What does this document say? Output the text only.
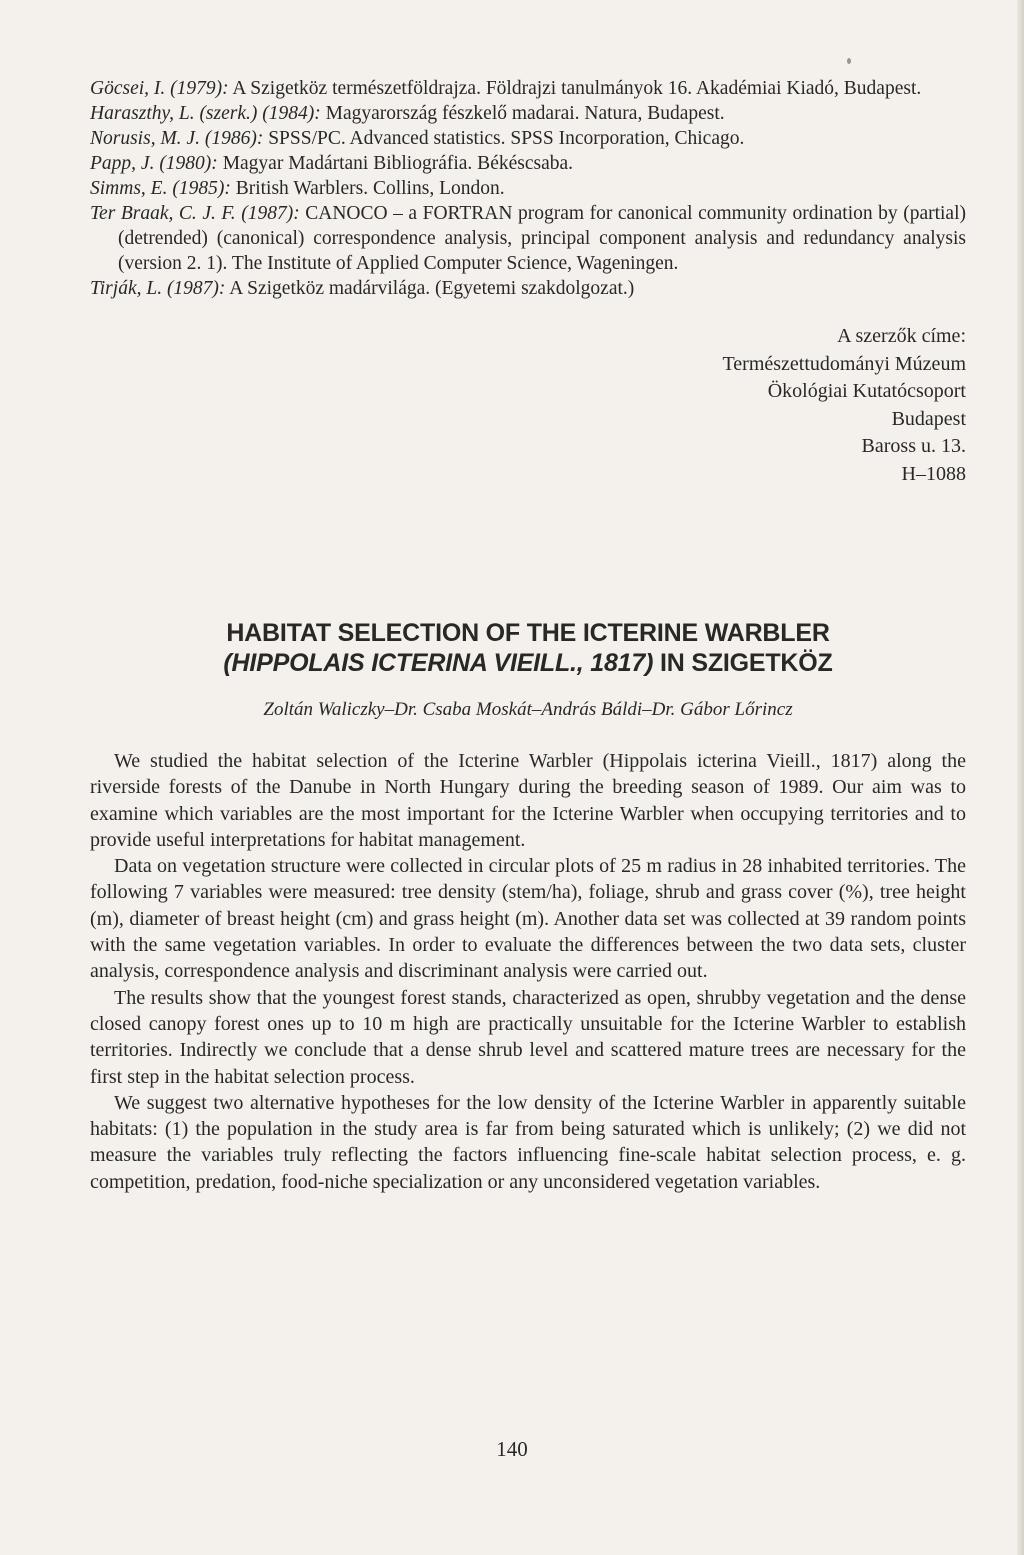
Göcsei, I. (1979): A Szigetköz természetföldrajza. Földrajzi tanulmányok 16. Akadémiai Kiadó, Budapest.

Haraszthy, L. (szerk.) (1984): Magyarország fészkelő madarai. Natura, Budapest.

Norusis, M. J. (1986): SPSS/PC. Advanced statistics. SPSS Incorporation, Chicago.

Papp, J. (1980): Magyar Madártani Bibliográfia. Békéscsaba.

Simms, E. (1985): British Warblers. Collins, London.

Ter Braak, C. J. F. (1987): CANOCO – a FORTRAN program for canonical community ordination by (partial) (detrended) (canonical) correspondence analysis, principal component analysis and redundancy analysis (version 2. 1). The Institute of Applied Computer Science, Wageningen.

Tirják, L. (1987): A Szigetköz madárvilága. (Egyetemi szakdolgozat.)

A szerzők címe:
Természettudományi Múzeum
Ökológiai Kutatócsoport
Budapest
Baross u. 13.
H–1088
HABITAT SELECTION OF THE ICTERINE WARBLER
(HIPPOLAIS ICTERINA VIEILL., 1817) IN SZIGETKÖZ
Zoltán Waliczky–Dr. Csaba Moskát–András Báldi–Dr. Gábor Lőrincz

We studied the habitat selection of the Icterine Warbler (Hippolais icterina Vieill., 1817) along the riverside forests of the Danube in North Hungary during the breeding season of 1989. Our aim was to examine which variables are the most important for the Icterine Warbler when occupying territories and to provide useful interpretations for habitat management.

Data on vegetation structure were collected in circular plots of 25 m radius in 28 inhabited territories. The following 7 variables were measured: tree density (stem/ha), foliage, shrub and grass cover (%), tree height (m), diameter of breast height (cm) and grass height (m). Another data set was collected at 39 random points with the same vegetation variables. In order to evaluate the differences between the two data sets, cluster analysis, correspondence analysis and discriminant analysis were carried out.

The results show that the youngest forest stands, characterized as open, shrubby vegetation and the dense closed canopy forest ones up to 10 m high are practically unsuitable for the Icterine Warbler to establish territories. Indirectly we conclude that a dense shrub level and scattered mature trees are necessary for the first step in the habitat selection process.

We suggest two alternative hypotheses for the low density of the Icterine Warbler in apparently suitable habitats: (1) the population in the study area is far from being saturated which is unlikely; (2) we did not measure the variables truly reflecting the factors influencing fine-scale habitat selection process, e. g. competition, predation, food-niche specialization or any unconsidered vegetation variables.

140
